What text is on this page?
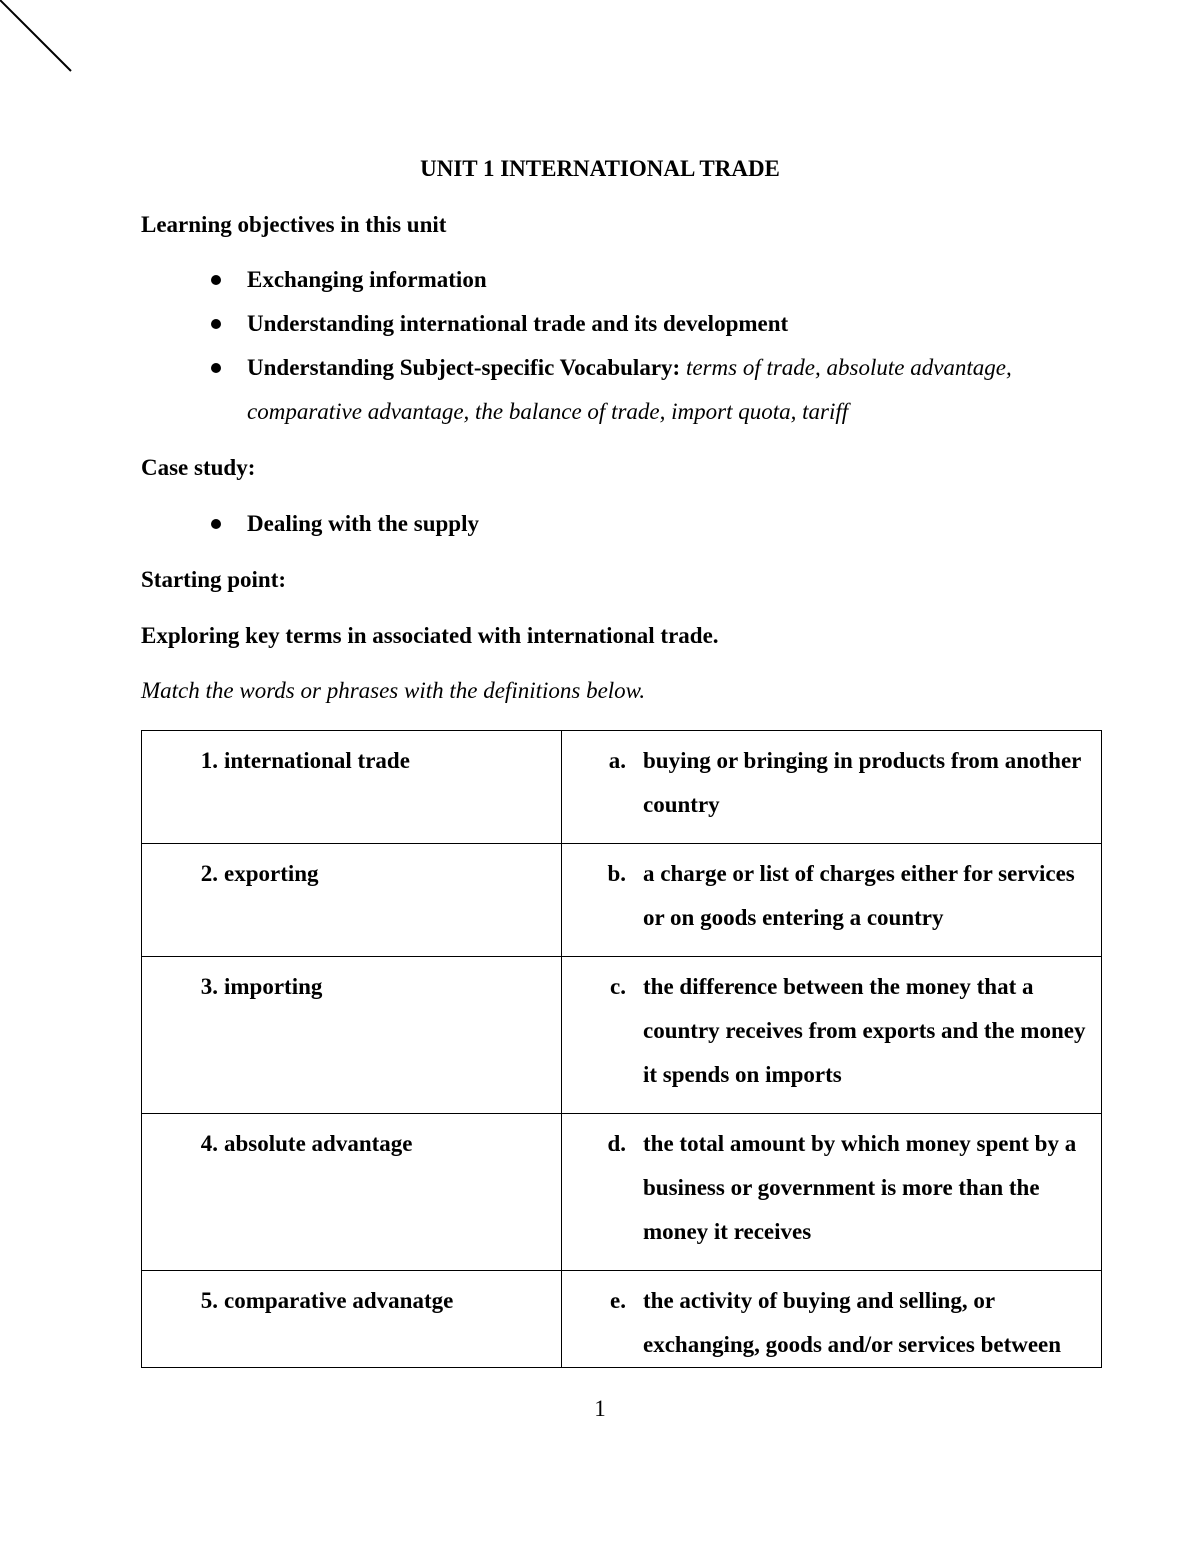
UNIT 1 INTERNATIONAL TRADE
Learning objectives in this unit
Exchanging information
Understanding international trade and its development
Understanding Subject-specific Vocabulary: terms of trade, absolute advantage, comparative advantage, the balance of trade, import quota, tariff
Case study:
Dealing with the supply
Starting point:
Exploring key terms in associated with international trade.
Match the words or phrases with the definitions below.
1. international trade	a. buying or bringing in products from another country

2. exporting	b. a charge or list of charges either for services or on goods entering a country

3. importing	c. the difference between the money that a country receives from exports and the money it spends on imports

4. absolute advantage	d. the total amount by which money spent by a business or government is more than the money it receives

5. comparative advanatge	e. the activity of buying and selling, or exchanging, goods and/or services between
1
